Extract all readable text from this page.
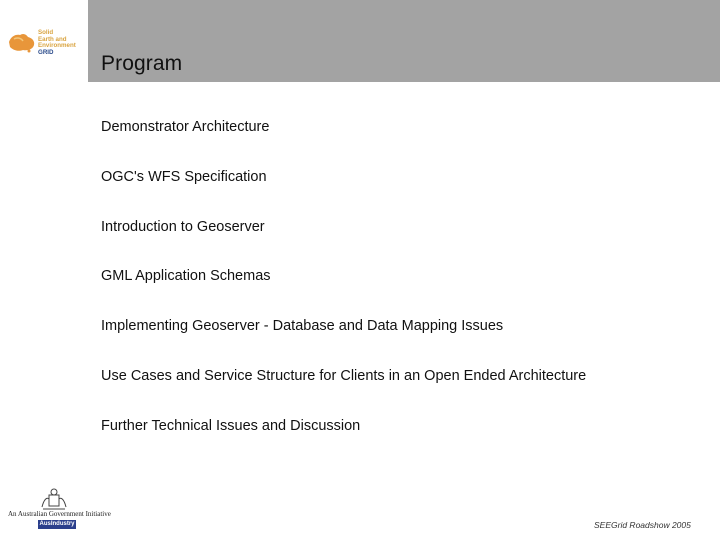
Solid
Earth and
Environment
GRID	Program
Demonstrator Architecture
OGC's WFS Specification
Introduction to Geoserver
GML Application Schemas
Implementing Geoserver - Database and Data Mapping Issues
Use Cases and Service Structure for Clients in an Open Ended Architecture
Further Technical Issues and Discussion
An Australian Government Initiative
AusIndustry	SEEGrid Roadshow 2005
